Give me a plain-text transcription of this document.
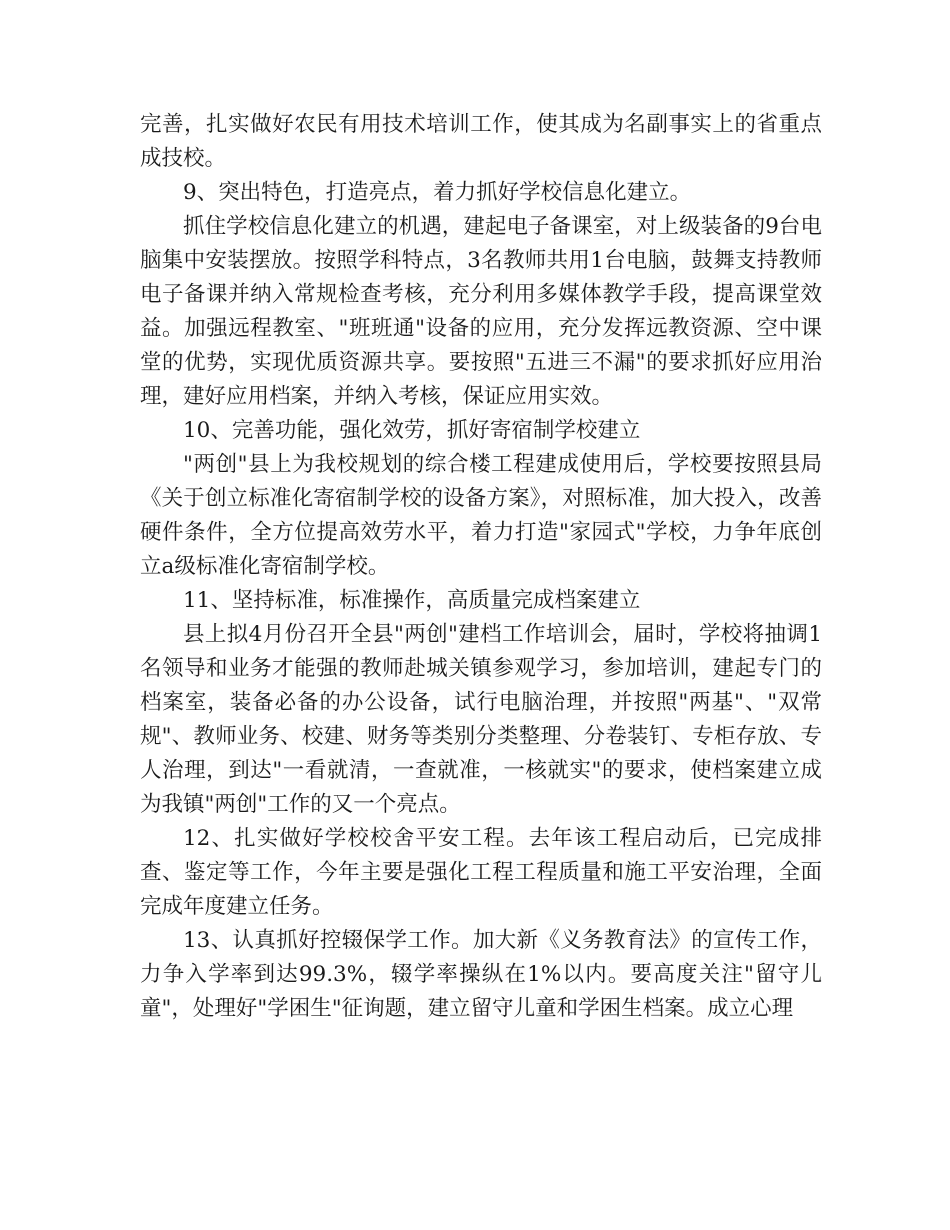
完善，扎实做好农民有用技术培训工作，使其成为名副事实上的省重点成技校。

9、突出特色，打造亮点，着力抓好学校信息化建立。

抓住学校信息化建立的机遇，建起电子备课室，对上级装备的9台电脑集中安装摆放。按照学科特点，3名教师共用1台电脑，鼓舞支持教师电子备课并纳入常规检查考核，充分利用多媒体教学手段，提高课堂效益。加强远程教室、"班班通"设备的应用，充分发挥远教资源、空中课堂的优势，实现优质资源共享。要按照"五进三不漏"的要求抓好应用治理，建好应用档案，并纳入考核，保证应用实效。

10、完善功能，强化效劳，抓好寄宿制学校建立

"两创"县上为我校规划的综合楼工程建成使用后，学校要按照县局《关于创立标准化寄宿制学校的设备方案》，对照标准，加大投入，改善硬件条件，全方位提高效劳水平，着力打造"家园式"学校，力争年底创立a级标准化寄宿制学校。

11、坚持标准，标准操作，高质量完成档案建立

县上拟4月份召开全县"两创"建档工作培训会，届时，学校将抽调1名领导和业务才能强的教师赴城关镇参观学习，参加培训，建起专门的档案室，装备必备的办公设备，试行电脑治理，并按照"两基"、"双常规"、教师业务、校建、财务等类别分类整理、分卷装钉、专柜存放、专人治理，到达"一看就清，一查就准，一核就实"的要求，使档案建立成为我镇"两创"工作的又一个亮点。

12、扎实做好学校校舍平安工程。去年该工程启动后，已完成排查、鉴定等工作，今年主要是强化工程工程质量和施工平安治理，全面完成年度建立任务。

13、认真抓好控辍保学工作。加大新《义务教育法》的宣传工作，力争入学率到达99.3%，辍学率操纵在1%以内。要高度关注"留守儿童"，处理好"学困生"征询题，建立留守儿童和学困生档案。成立心理
